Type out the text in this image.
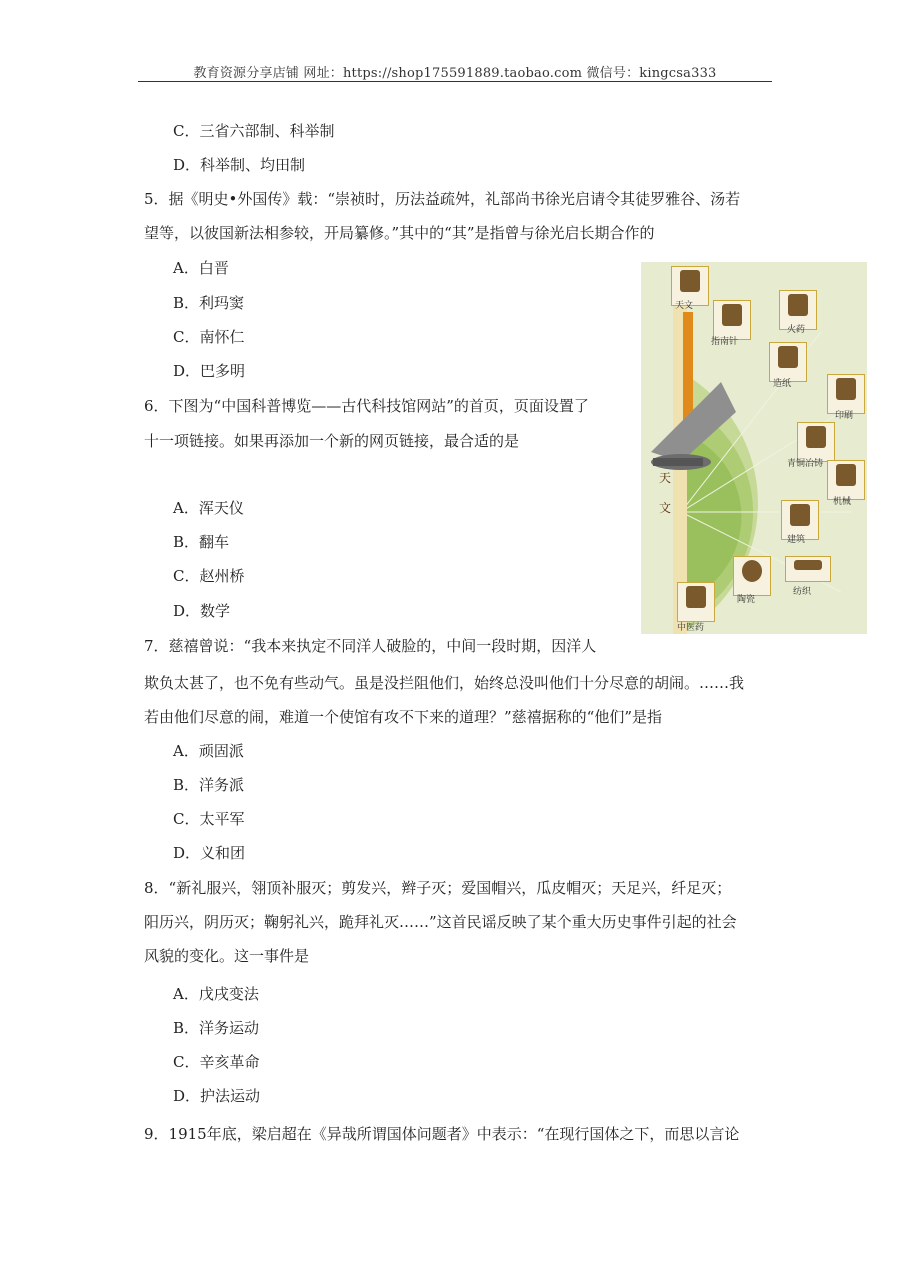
教育资源分享店铺 网址：https://shop175591889.taobao.com 微信号：kingcsa333
C．三省六部制、科举制
D．科举制、均田制
5．据《明史•外国传》载：“崇祯时，历法益疏舛，礼部尚书徐光启请令其徒罗雅谷、汤若
望等，以彼国新法相参较，开局纂修。”其中的“其”是指曾与徐光启长期合作的
A．白晋
B．利玛窦
C．南怀仁
D．巴多明
6．下图为“中国科普博览——古代科技馆网站”的首页，页面设置了
十一项链接。如果再添加一个新的网页链接，最合适的是
A．浑天仪
B．翻车
C．赵州桥
D．数学
7．慈禧曾说：“我本来执定不同洋人破脸的，中间一段时期，因洋人
欺负太甚了，也不免有些动气。虽是没拦阻他们，始终总没叫他们十分尽意的胡闹。……我
若由他们尽意的闹，难道一个使馆有攻不下来的道理？”慈禧据称的“他们”是指
A．顽固派
B．洋务派
C．太平军
D．义和团
8．“新礼服兴，翎顶补服灭；剪发兴，辫子灭；爱国帽兴，瓜皮帽灭；天足兴，纤足灭；
阳历兴，阴历灭；鞠躬礼兴，跪拜礼灭……”这首民谣反映了某个重大历史事件引起的社会
风貌的变化。这一事件是
A．戊戌变法
B．洋务运动
C．辛亥革命
D．护法运动
9．1915年底，梁启超在《异哉所谓国体问题者》中表示：“在现行国体之下，而思以言论
天
文
天文
指南针
火药
造纸
印刷
青铜冶铸
机械
建筑
纺织
陶瓷
中医药
